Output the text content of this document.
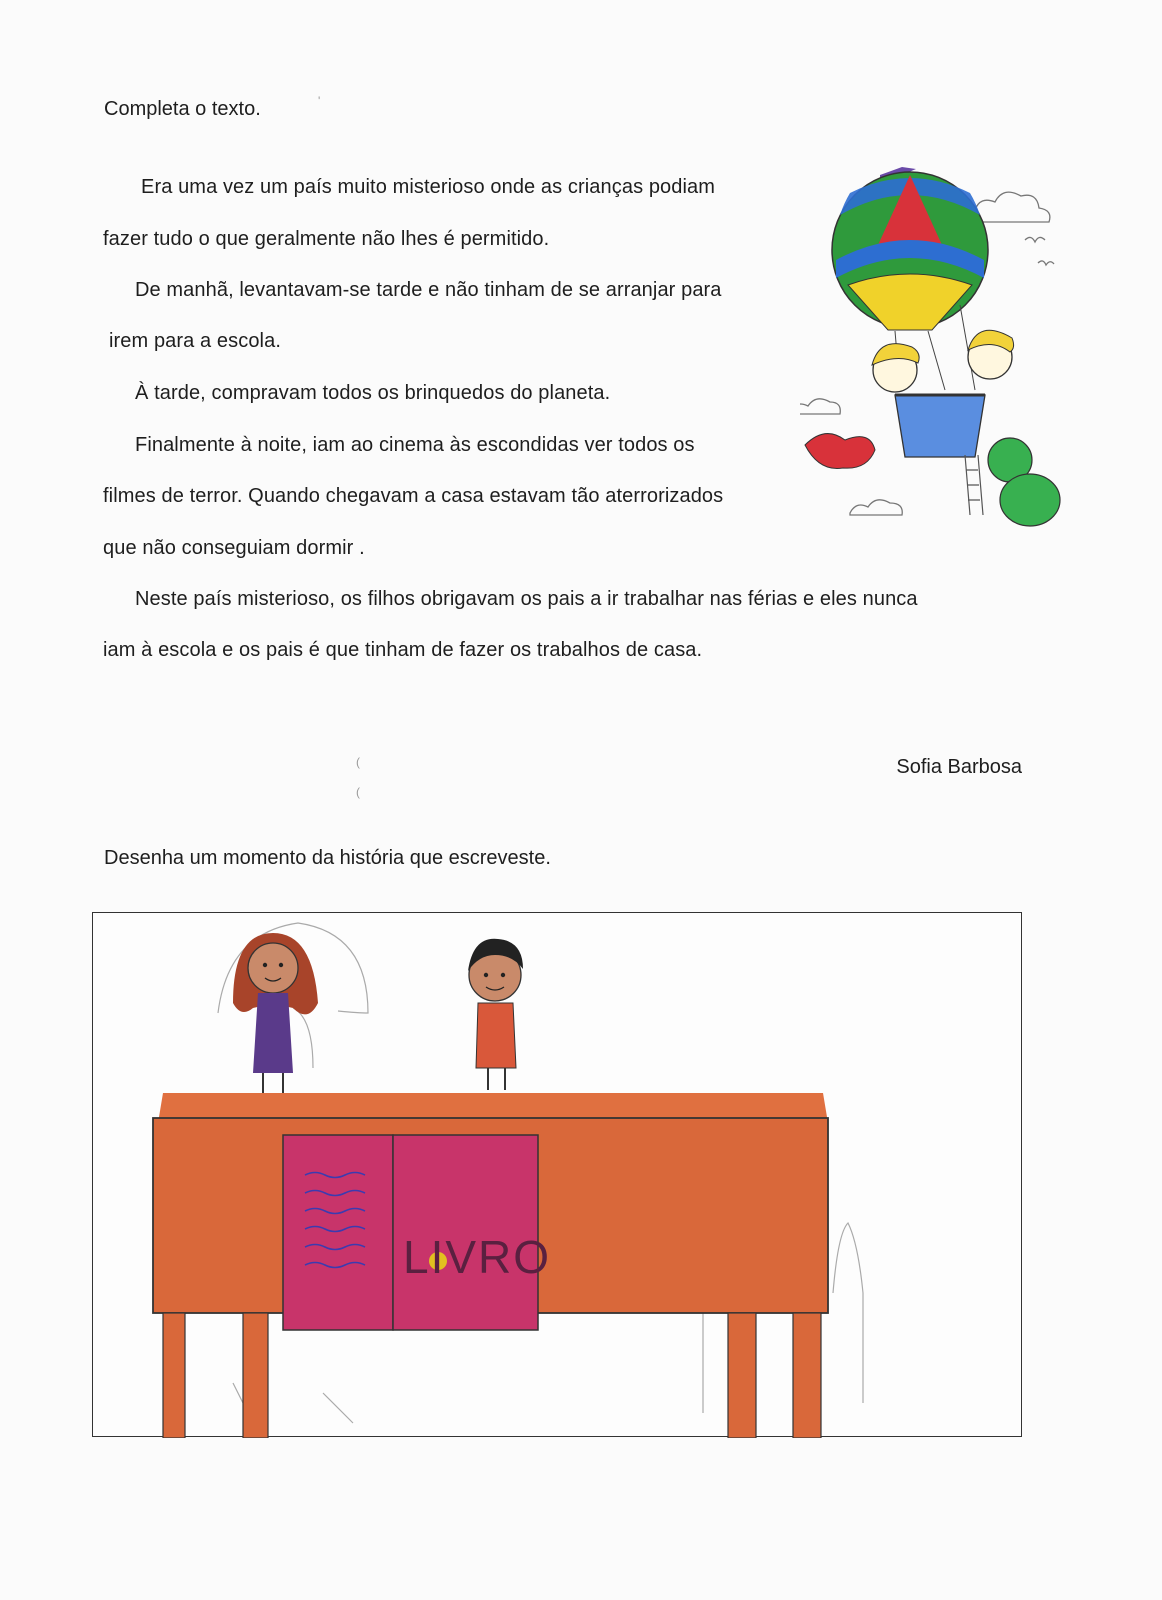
Completa o texto.
Era uma vez um país muito misterioso onde as crianças podiam
fazer tudo o que geralmente não lhes é permitido.
De manhã, levantavam-se tarde e não tinham de se arranjar para
irem para a escola.
À tarde, compravam todos os brinquedos do planeta.
Finalmente à noite, iam ao cinema às escondidas ver todos os
filmes de terror. Quando chegavam a casa estavam tão aterrorizados
que não conseguiam dormir .
Neste país misterioso, os filhos obrigavam os pais a ir trabalhar nas férias e eles nunca
iam à escola e os pais é que tinham de fazer os trabalhos de casa.
Sofia Barbosa
Desenha um momento da história que escreveste.
LIVRO
(
(
'
